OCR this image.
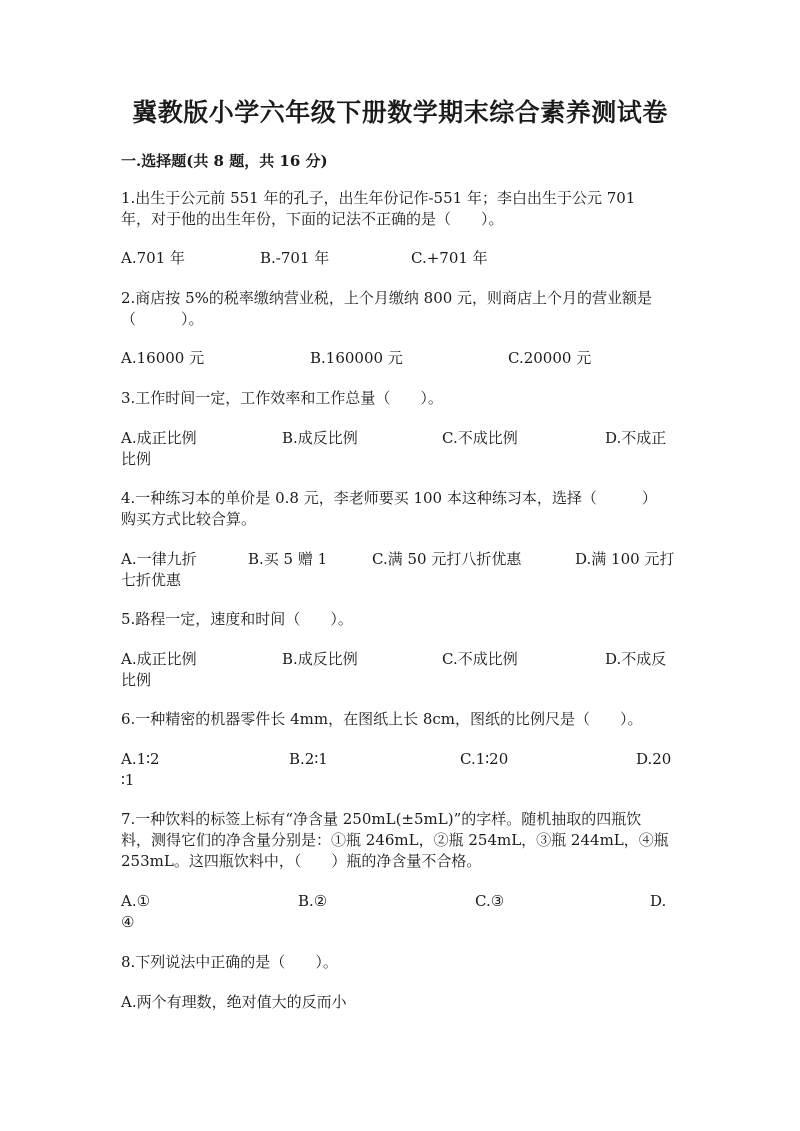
冀教版小学六年级下册数学期末综合素养测试卷
一.选择题(共 8 题，共 16 分)
1.出生于公元前 551 年的孔子，出生年份记作-551 年；李白出生于公元 701
年，对于他的出生年份，下面的记法不正确的是（　　）。
A.701 年	B.-701 年	C.+701 年
2.商店按 5%的税率缴纳营业税，上个月缴纳 800 元，则商店上个月的营业额是
（　　　）。
A.16000 元	B.160000 元	C.20000 元
3.工作时间一定，工作效率和工作总量（　　）。
A.成正比例	B.成反比例	C.不成比例	D.不成正
比例
4.一种练习本的单价是 0.8 元，李老师要买 100 本这种练习本，选择（　　　）
购买方式比较合算。
A.一律九折	B.买 5 赠 1	C.满 50 元打八折优惠	D.满 100 元打
七折优惠
5.路程一定，速度和时间（　　）。
A.成正比例	B.成反比例	C.不成比例	D.不成反
比例
6.一种精密的机器零件长 4mm，在图纸上长 8cm，图纸的比例尺是（　　）。
A.1∶2	B.2∶1	C.1∶20	D.20
∶1
7.一种饮料的标签上标有“净含量 250mL(±5mL)”的字样。随机抽取的四瓶饮
料，测得它们的净含量分别是：①瓶 246mL，②瓶 254mL，③瓶 244mL，④瓶
253mL。这四瓶饮料中，（　　）瓶的净含量不合格。
A.①	B.②	C.③	D.
④
8.下列说法中正确的是（　　）。
A.两个有理数，绝对值大的反而小
